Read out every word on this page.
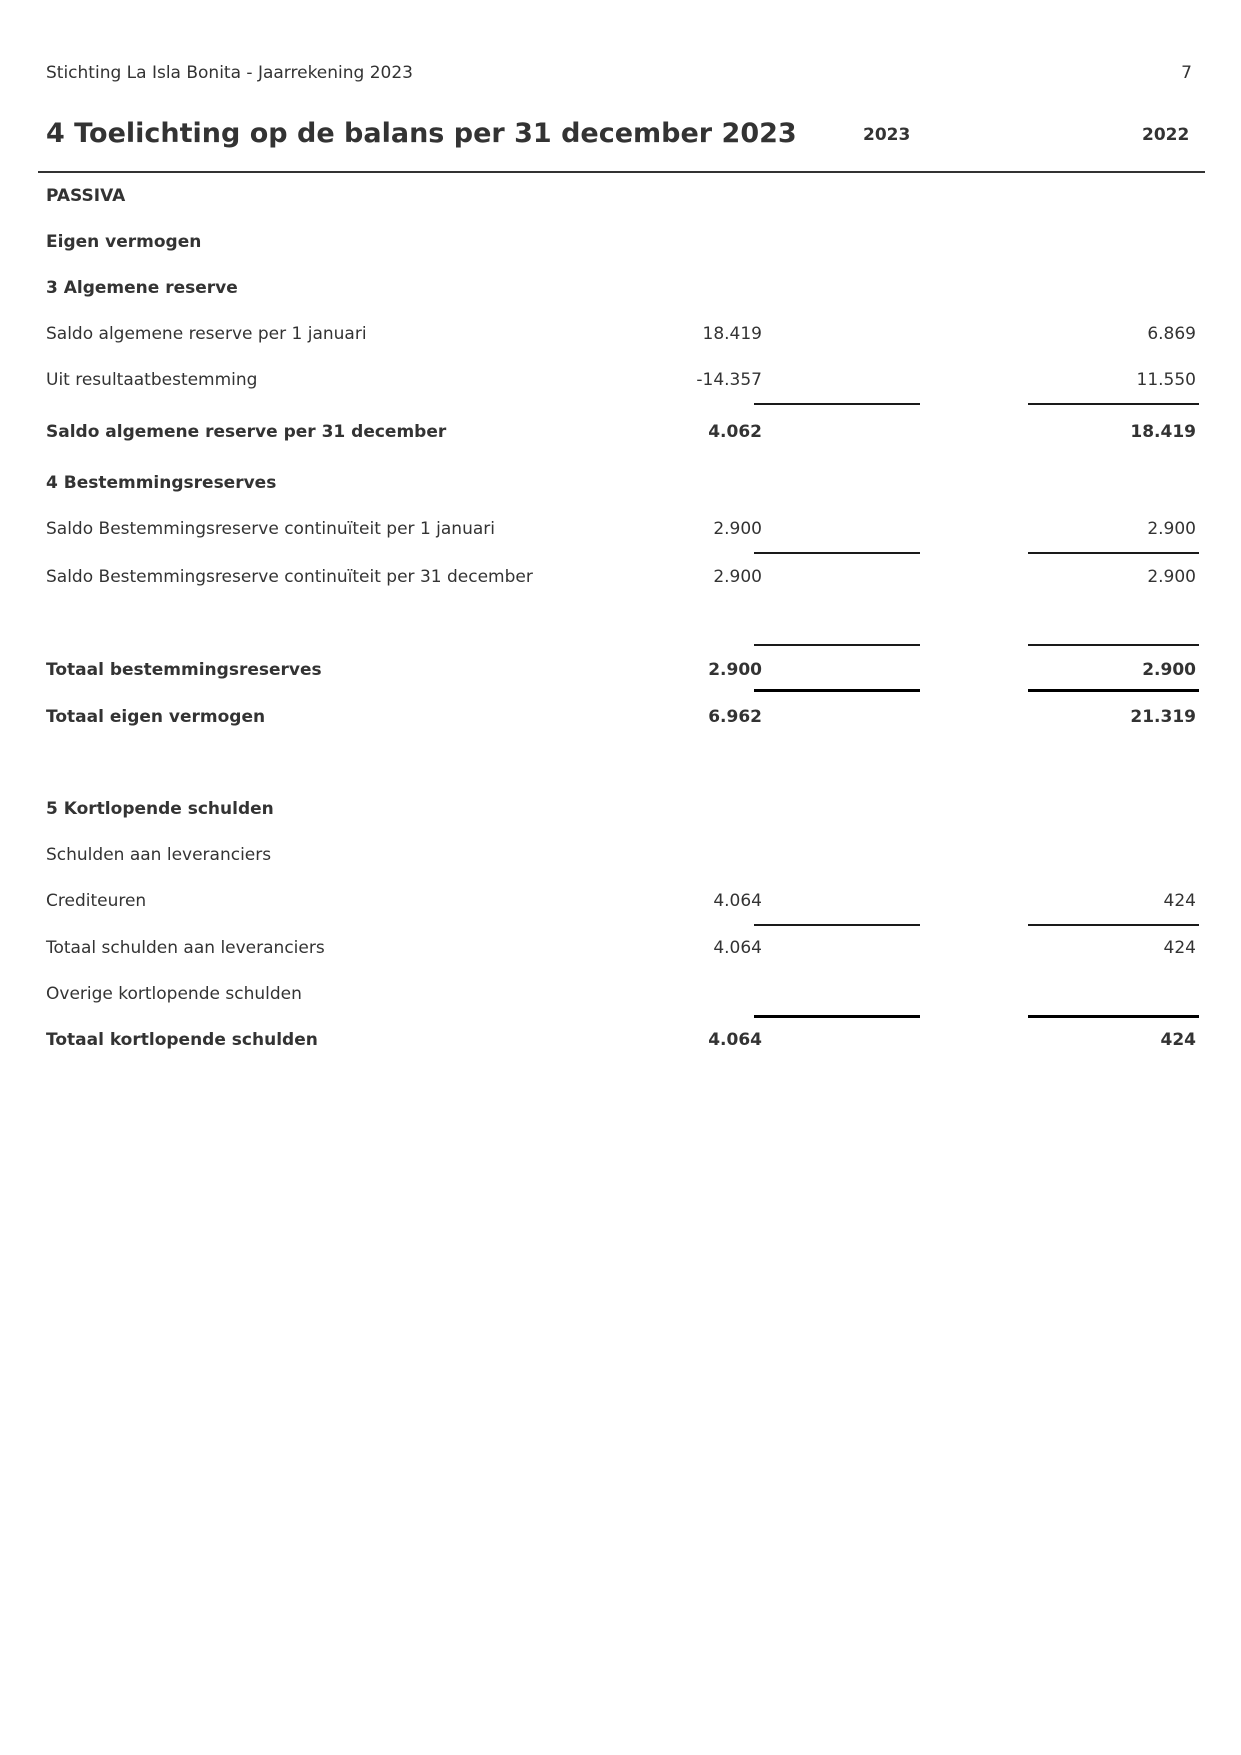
Stichting La Isla Bonita - Jaarrekening 2023	7
4 Toelichting op de balans per 31 december 2023	2023	2022
PASSIVA
Eigen vermogen
3 Algemene reserve
Saldo algemene reserve per 1 januari	18.419	6.869
Uit resultaatbestemming	-14.357	11.550
Saldo algemene reserve per 31 december	4.062	18.419
4 Bestemmingsreserves
Saldo Bestemmingsreserve continuïteit per 1 januari	2.900	2.900
Saldo Bestemmingsreserve continuïteit per 31 december	2.900	2.900
Totaal bestemmingsreserves	2.900	2.900
Totaal eigen vermogen	6.962	21.319
5 Kortlopende schulden
Schulden aan leveranciers
Crediteuren	4.064	424
Totaal schulden aan leveranciers	4.064	424
Overige kortlopende schulden
Totaal kortlopende schulden	4.064	424
